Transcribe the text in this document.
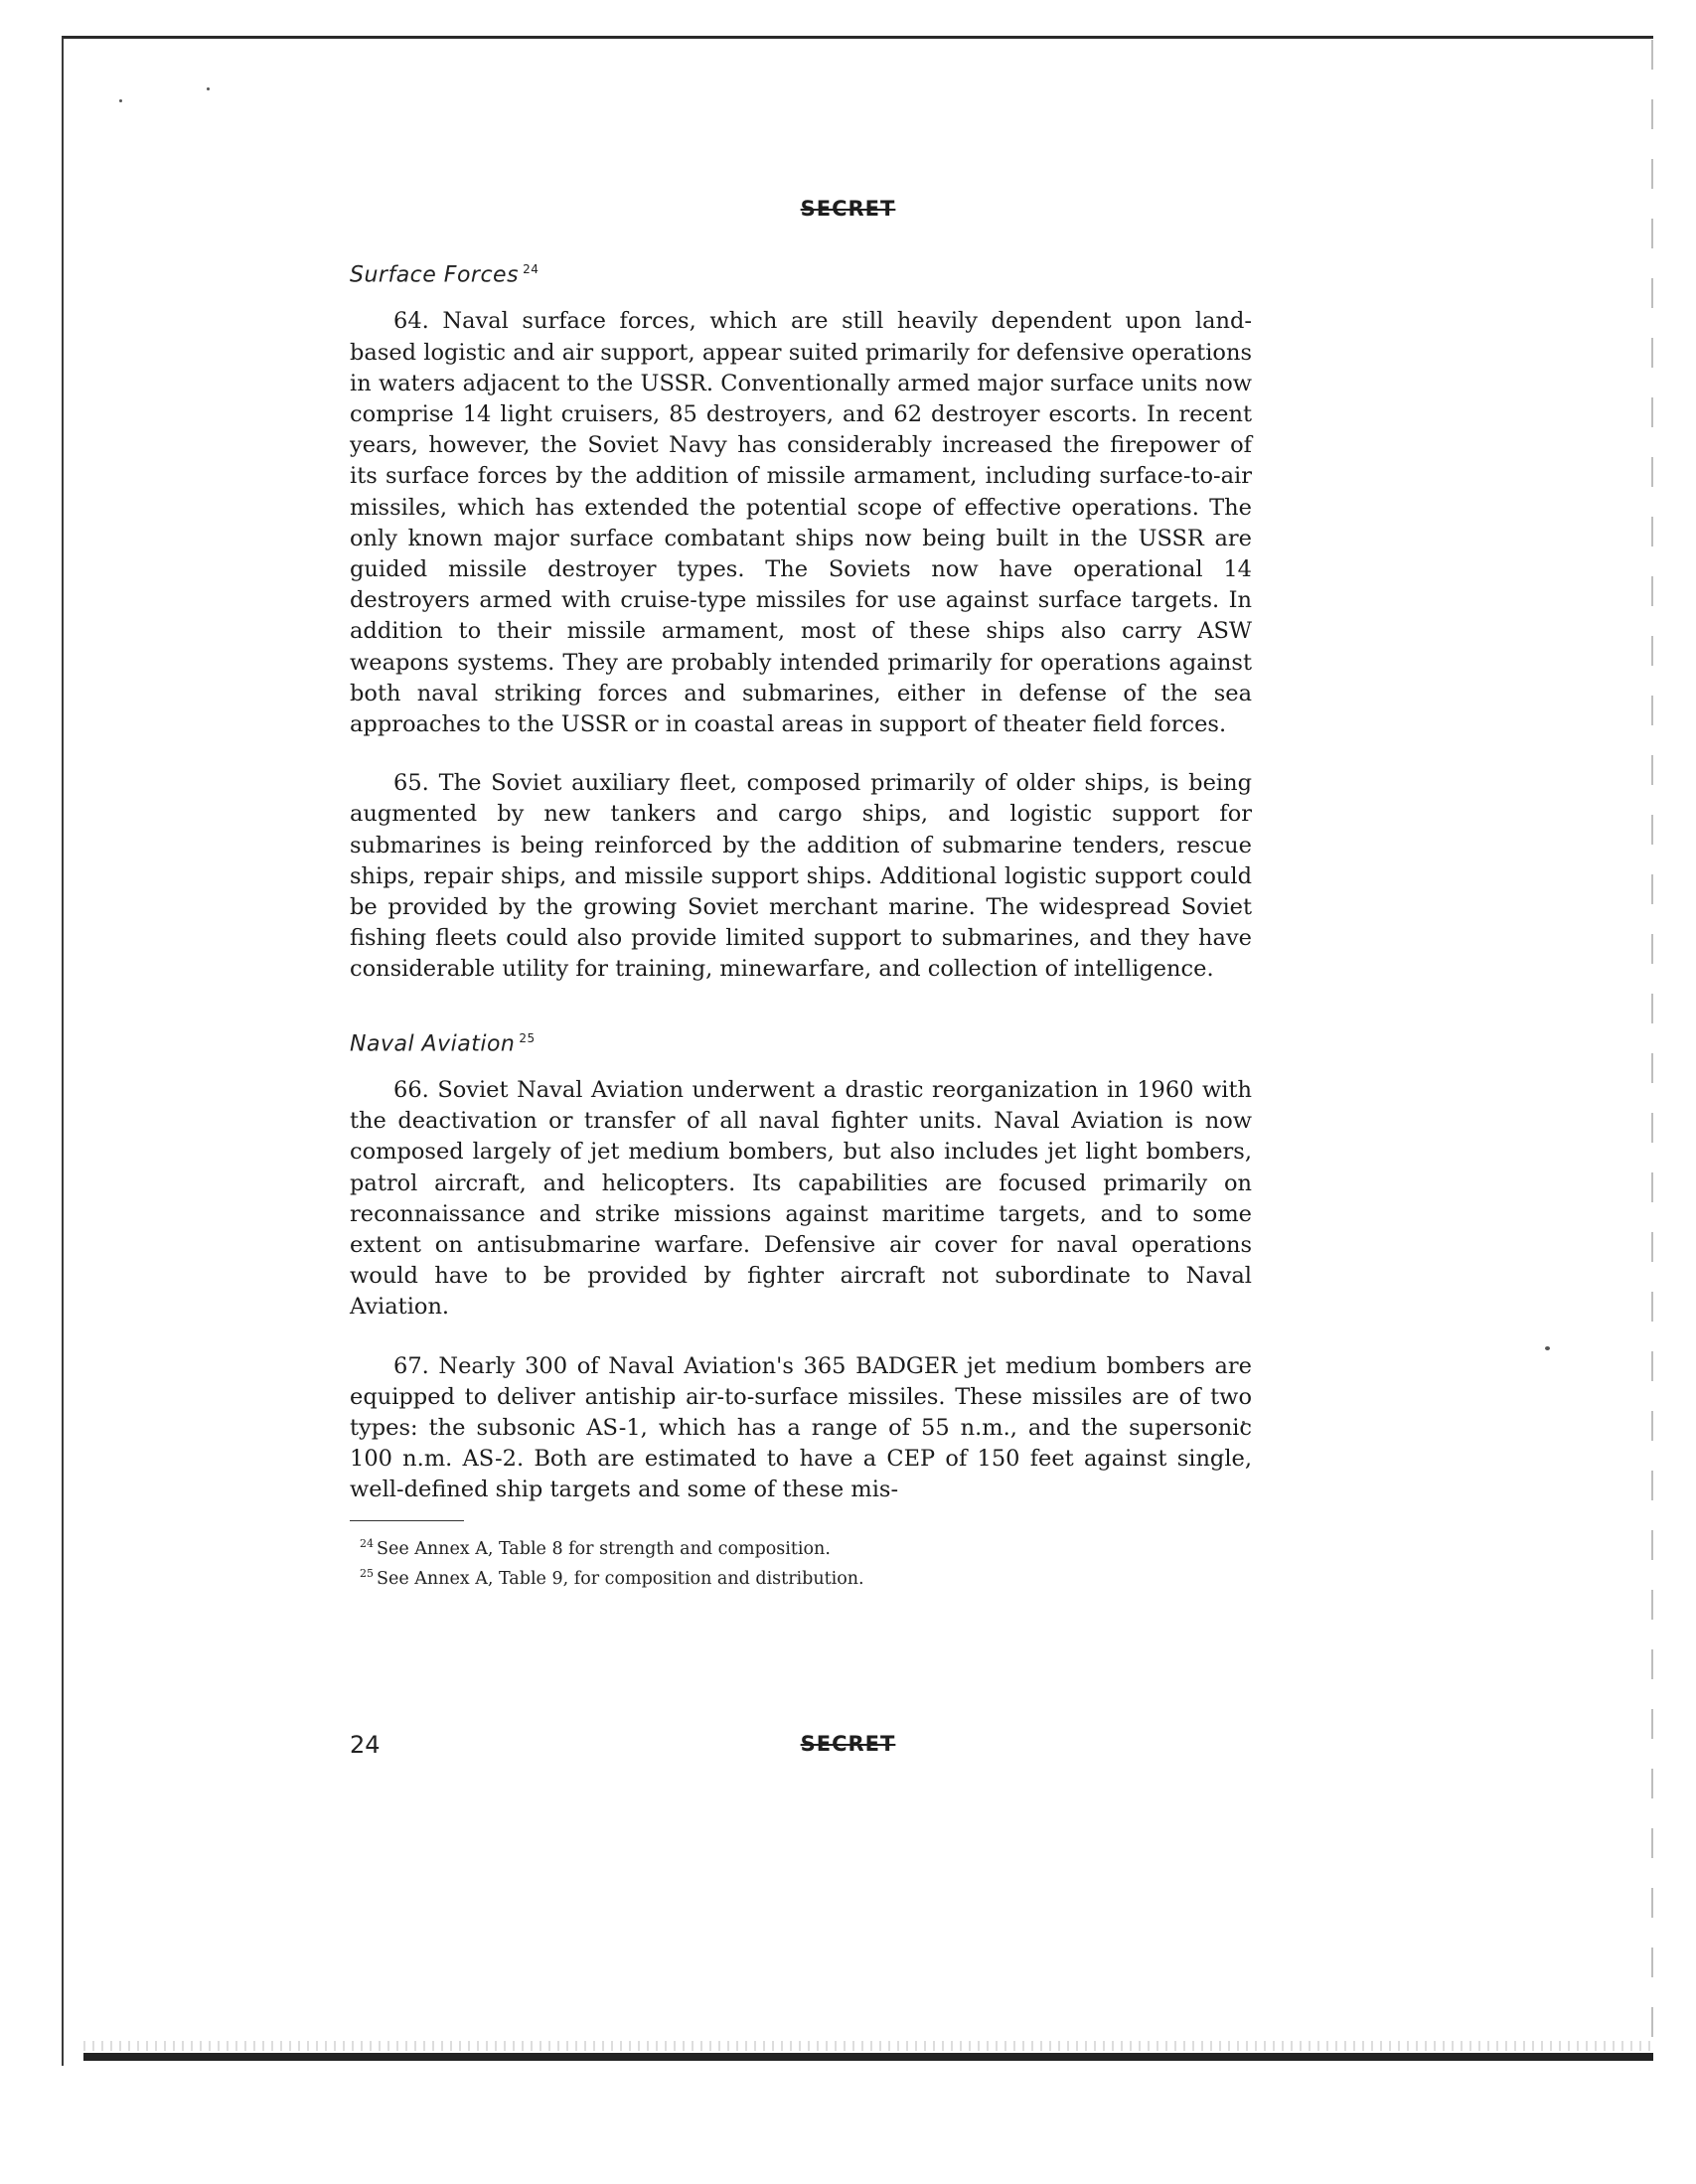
SECRET
Surface Forces $^{24}$

64. Naval surface forces, which are still heavily dependent upon land-based logistic and air support, appear suited primarily for defensive operations in waters adjacent to the USSR. Conventionally armed major surface units now comprise 14 light cruisers, 85 destroyers, and 62 destroyer escorts. In recent years, however, the Soviet Navy has considerably increased the firepower of its surface forces by the addition of missile armament, including surface-to-air missiles, which has extended the potential scope of effective operations. The only known major surface combatant ships now being built in the USSR are guided missile destroyer types. The Soviets now have operational 14 destroyers armed with cruise-type missiles for use against surface targets. In addition to their missile armament, most of these ships also carry ASW weapons systems. They are probably intended primarily for operations against both naval striking forces and submarines, either in defense of the sea approaches to the USSR or in coastal areas in support of theater field forces.

65. The Soviet auxiliary fleet, composed primarily of older ships, is being augmented by new tankers and cargo ships, and logistic support for submarines is being reinforced by the addition of submarine tenders, rescue ships, repair ships, and missile support ships. Additional logistic support could be provided by the growing Soviet merchant marine. The widespread Soviet fishing fleets could also provide limited support to submarines, and they have considerable utility for training, minewarfare, and collection of intelligence.

Naval Aviation $^{25}$

66. Soviet Naval Aviation underwent a drastic reorganization in 1960 with the deactivation or transfer of all naval fighter units. Naval Aviation is now composed largely of jet medium bombers, but also includes jet light bombers, patrol aircraft, and helicopters. Its capabilities are focused primarily on reconnaissance and strike missions against maritime targets, and to some extent on antisubmarine warfare. Defensive air cover for naval operations would have to be provided by fighter aircraft not subordinate to Naval Aviation.

67. Nearly 300 of Naval Aviation's 365 BADGER jet medium bombers are equipped to deliver antiship air-to-surface missiles. These missiles are of two types: the subsonic AS-1, which has a range of 55 n.m., and the supersonic 100 n.m. AS-2. Both are estimated to have a CEP of 150 feet against single, well-defined ship targets and some of these mis-

$^{24}$ See Annex A, Table 8 for strength and composition.
$^{25}$ See Annex A, Table 9, for composition and distribution.
24	SECRET
